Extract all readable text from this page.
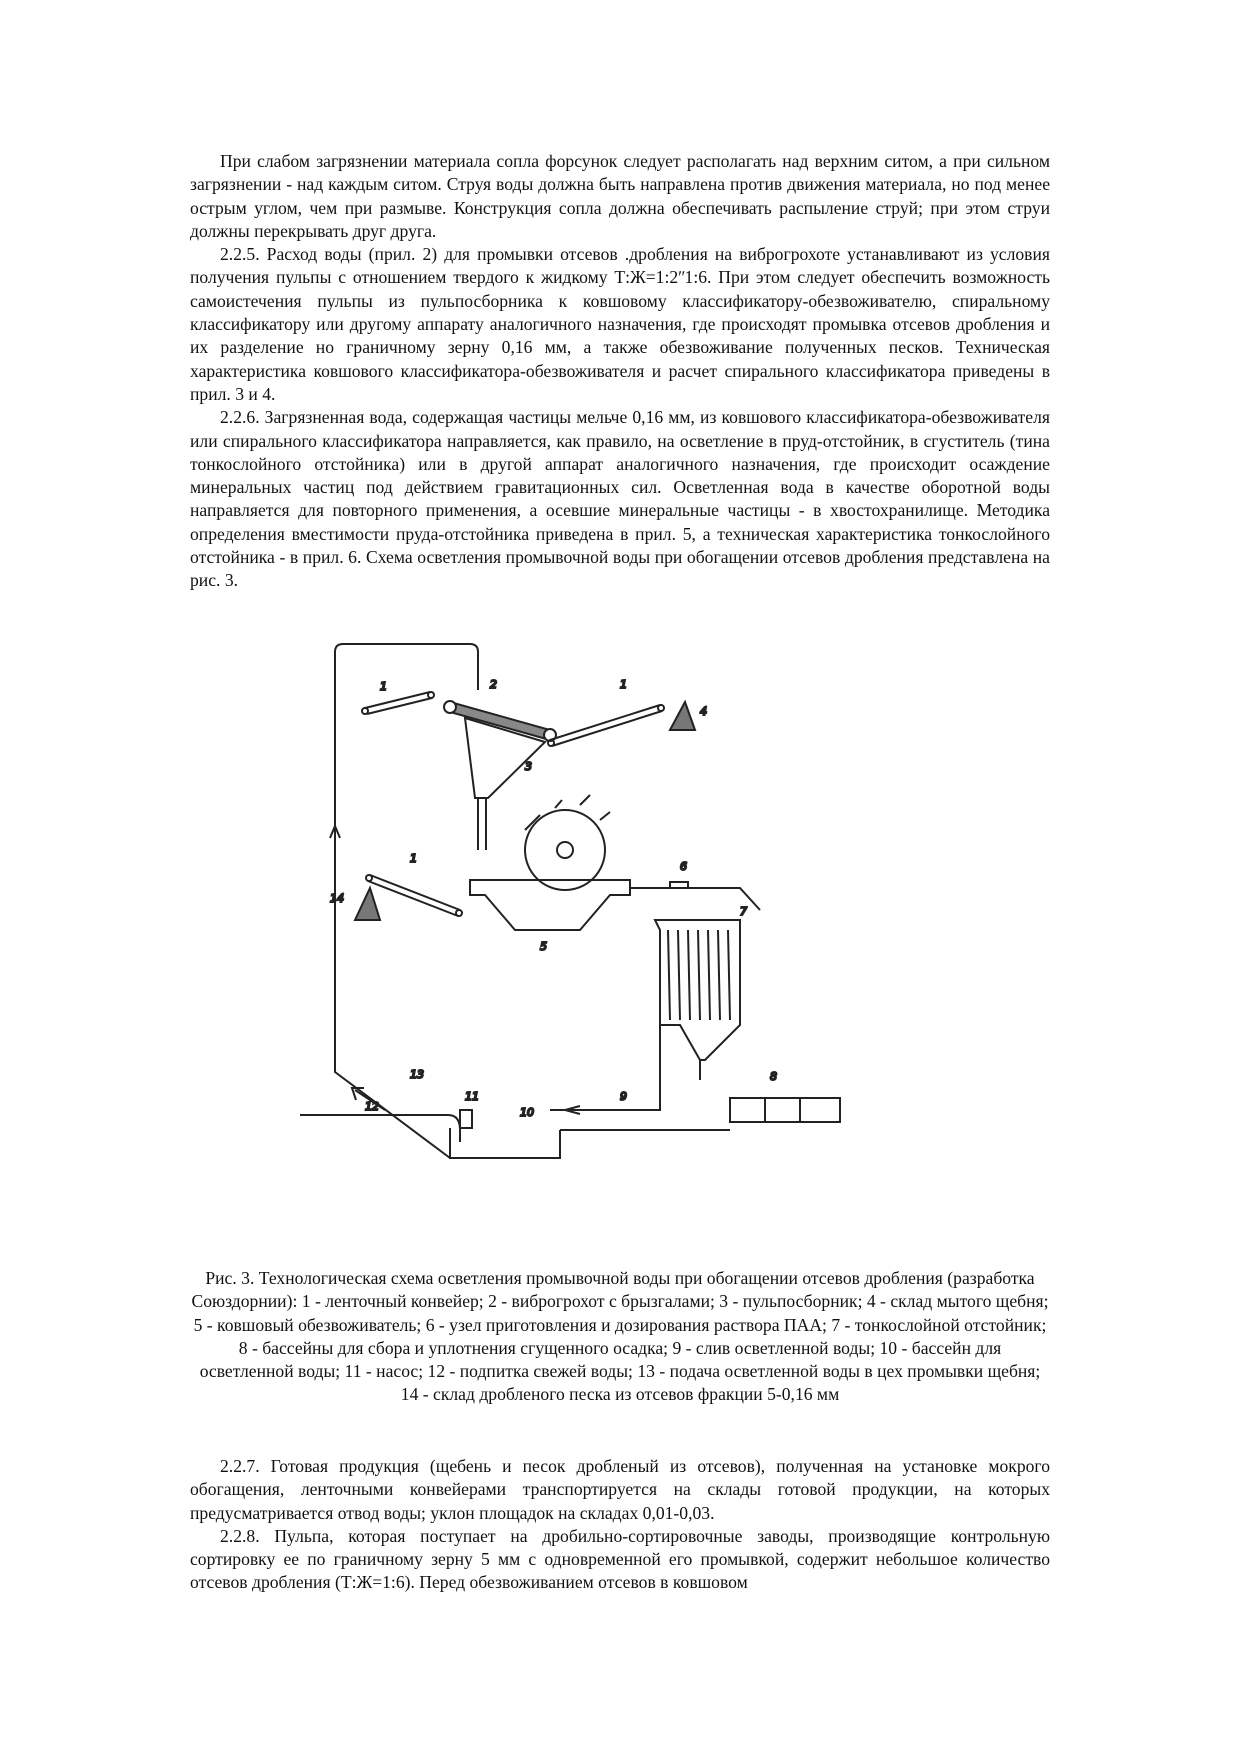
При слабом загрязнении материала сопла форсунок следует располагать над верхним ситом, а при сильном загрязнении - над каждым ситом. Струя воды должна быть направлена против движения материала, но под менее острым углом, чем при размыве. Конструкция сопла должна обеспечивать распыление струй; при этом струи должны перекрывать друг друга.

2.2.5. Расход воды (прил. 2) для промывки отсевов .дробления на виброгрохоте устанавливают из условия получения пульпы с отношением твердого к жидкому Т:Ж=1:2ʺ1:6. При этом следует обеспечить возможность самоистечения пульпы из пульпосборника к ковшовому классификатору-обезвоживателю, спиральному классификатору или другому аппарату аналогичного назначения, где происходят промывка отсевов дробления и их разделение но граничному зерну 0,16 мм, а также обезвоживание полученных песков. Техническая характеристика ковшового классификатора-обезвоживателя и расчет спирального классификатора приведены в прил. 3 и 4.

2.2.6. Загрязненная вода, содержащая частицы мельче 0,16 мм, из ковшового классификатора-обезвоживателя или спирального классификатора направляется, как правило, на осветление в пруд-отстойник, в сгуститель (тина тонкослойного отстойника) или в другой аппарат аналогичного назначения, где происходит осаждение минеральных частиц под действием гравитационных сил. Осветленная вода в качестве оборотной воды направляется для повторного применения, а осевшие минеральные частицы - в хвостохранилище. Методика определения вместимости пруда-отстойника приведена в прил. 5, а техническая характеристика тонкослойного отстойника - в прил. 6. Схема осветления промывочной воды при обогащении отсевов дробления представлена на рис. 3.

1	2
3
1
4
1
14
5
6
7
8
13
12
11
10
9

Рис. 3. Технологическая схема осветления промывочной воды при обогащении отсевов дробления (разработка Союздорнии): 1 - ленточный конвейер; 2 - виброгрохот с брызгалами; 3 - пульпосборник; 4 - склад мытого щебня; 5 - ковшовый обезвоживатель; 6 - узел приготовления и дозирования раствора ПАА; 7 - тонкослойной отстойник; 8 - бассейны для сбора и уплотнения сгущенного осадка; 9 - слив осветленной воды; 10 - бассейн для осветленной воды; 11 - насос; 12 - подпитка свежей воды; 13 - подача осветленной воды в цех промывки щебня; 14 - склад дробленого песка из отсевов фракции 5-0,16 мм

2.2.7. Готовая продукция (щебень и песок дробленый из отсевов), полученная на установке мокрого обогащения, ленточными конвейерами транспортируется на склады готовой продукции, на которых предусматривается отвод воды; уклон площадок на складах 0,01-0,03.

2.2.8. Пульпа, которая поступает на дробильно-сортировочные заводы, производящие контрольную сортировку ее по граничному зерну 5 мм с одновременной его промывкой, содержит небольшое количество отсевов дробления (Т:Ж=1:6). Перед обезвоживанием отсевов в ковшовом
